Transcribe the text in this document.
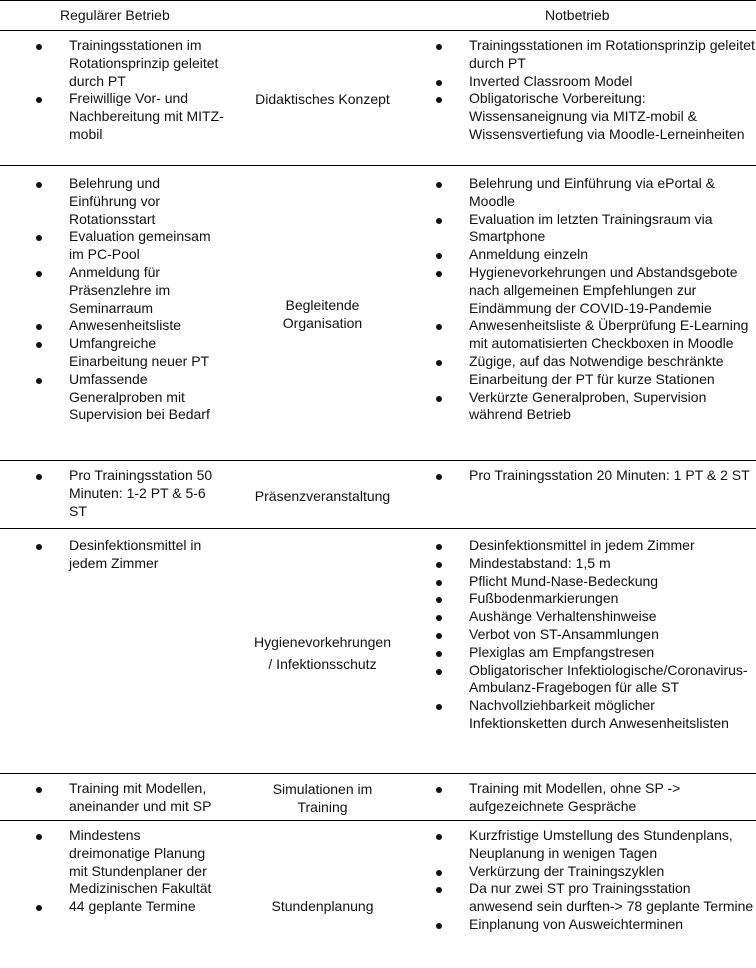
Regulärer Betrieb	Notbetrieb
Trainingsstationen im Rotationsprinzip geleitet durch PT
Freiwillige Vor- und Nachbereitung mit MITZ-mobil
Trainingsstationen im Rotationsprinzip geleitet durch PT
Inverted Classroom Model
Obligatorische Vorbereitung: Wissensaneignung via MITZ-mobil & Wissensvertiefung via Moodle-Lerneinheiten
Didaktisches Konzept
Belehrung und Einführung vor Rotationsstart
Evaluation gemeinsam im PC-Pool
Anmeldung für Präsenzlehre im Seminarraum
Anwesenheitsliste
Umfangreiche Einarbeitung neuer PT
Umfassende Generalproben mit Supervision bei Bedarf
Belehrung und Einführung via ePortal & Moodle
Evaluation im letzten Trainingsraum via Smartphone
Anmeldung einzeln
Hygienevorkehrungen und Abstandsgebote nach allgemeinen Empfehlungen zur Eindämmung der COVID-19-Pandemie
Anwesenheitsliste & Überprüfung E-Learning mit automatisierten Checkboxen in Moodle
Zügige, auf das Notwendige beschränkte Einarbeitung der PT für kurze Stationen
Verkürzte Generalproben, Supervision während Betrieb
Begleitende
Organisation
Pro Trainingsstation 50 Minuten: 1-2 PT & 5-6 ST
Pro Trainingsstation 20 Minuten: 1 PT & 2 ST
Präsenzveranstaltung
Desinfektionsmittel in jedem Zimmer
Desinfektionsmittel in jedem Zimmer
Mindestabstand: 1,5 m
Pflicht Mund-Nase-Bedeckung
Fußbodenmarkierungen
Aushänge Verhaltenshinweise
Verbot von ST-Ansammlungen
Plexiglas am Empfangstresen
Obligatorischer Infektiologische/Coronavirus-Ambulanz-Fragebogen für alle ST
Nachvollziehbarkeit möglicher Infektionsketten durch Anwesenheitslisten
Hygienevorkehrungen
/ Infektionsschutz
Training mit Modellen, aneinander und mit SP
Training mit Modellen, ohne SP -> aufgezeichnete Gespräche
Simulationen im
Training
Mindestens dreimonatige Planung mit Stundenplaner der Medizinischen Fakultät
44 geplante Termine
Kurzfristige Umstellung des Stundenplans, Neuplanung in wenigen Tagen
Verkürzung der Trainingszyklen
Da nur zwei ST pro Trainingsstation anwesend sein durften-> 78 geplante Termine
Einplanung von Ausweichterminen
Stundenplanung
